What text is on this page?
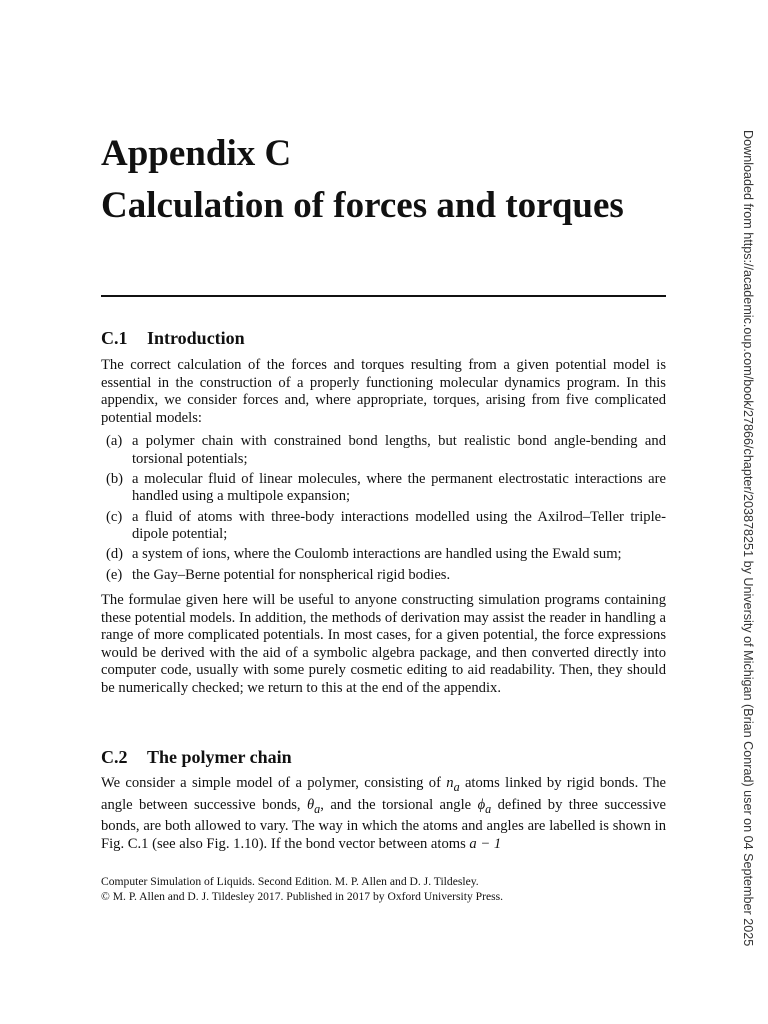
Appendix C
Calculation of forces and torques
C.1 Introduction
The correct calculation of the forces and torques resulting from a given potential model is essential in the construction of a properly functioning molecular dynamics program. In this appendix, we consider forces and, where appropriate, torques, arising from five complicated potential models:
(a) a polymer chain with constrained bond lengths, but realistic bond angle-bending and torsional potentials;
(b) a molecular fluid of linear molecules, where the permanent electrostatic interactions are handled using a multipole expansion;
(c) a fluid of atoms with three-body interactions modelled using the Axilrod–Teller triple-dipole potential;
(d) a system of ions, where the Coulomb interactions are handled using the Ewald sum;
(e) the Gay–Berne potential for nonspherical rigid bodies.
The formulae given here will be useful to anyone constructing simulation programs containing these potential models. In addition, the methods of derivation may assist the reader in handling a range of more complicated potentials. In most cases, for a given potential, the force expressions would be derived with the aid of a symbolic algebra package, and then converted directly into computer code, usually with some purely cosmetic editing to aid readability. Then, they should be numerically checked; we return to this at the end of the appendix.
C.2 The polymer chain

We consider a simple model of a polymer, consisting of $n_a$ atoms linked by rigid bonds. The angle between successive bonds, $\theta_a$, and the torsional angle $\phi_a$ defined by three successive bonds, are both allowed to vary. The way in which the atoms and angles are labelled is shown in Fig. C.1 (see also Fig. 1.10). If the bond vector between atoms a − 1

Computer Simulation of Liquids. Second Edition. M. P. Allen and D. J. Tildesley.
© M. P. Allen and D. J. Tildesley 2017. Published in 2017 by Oxford University Press.	Downloaded from https://academic.oup.com/book/27866/chapter/203878251 by University of Michigan (Brian Conrad) user on 04 September 2025
